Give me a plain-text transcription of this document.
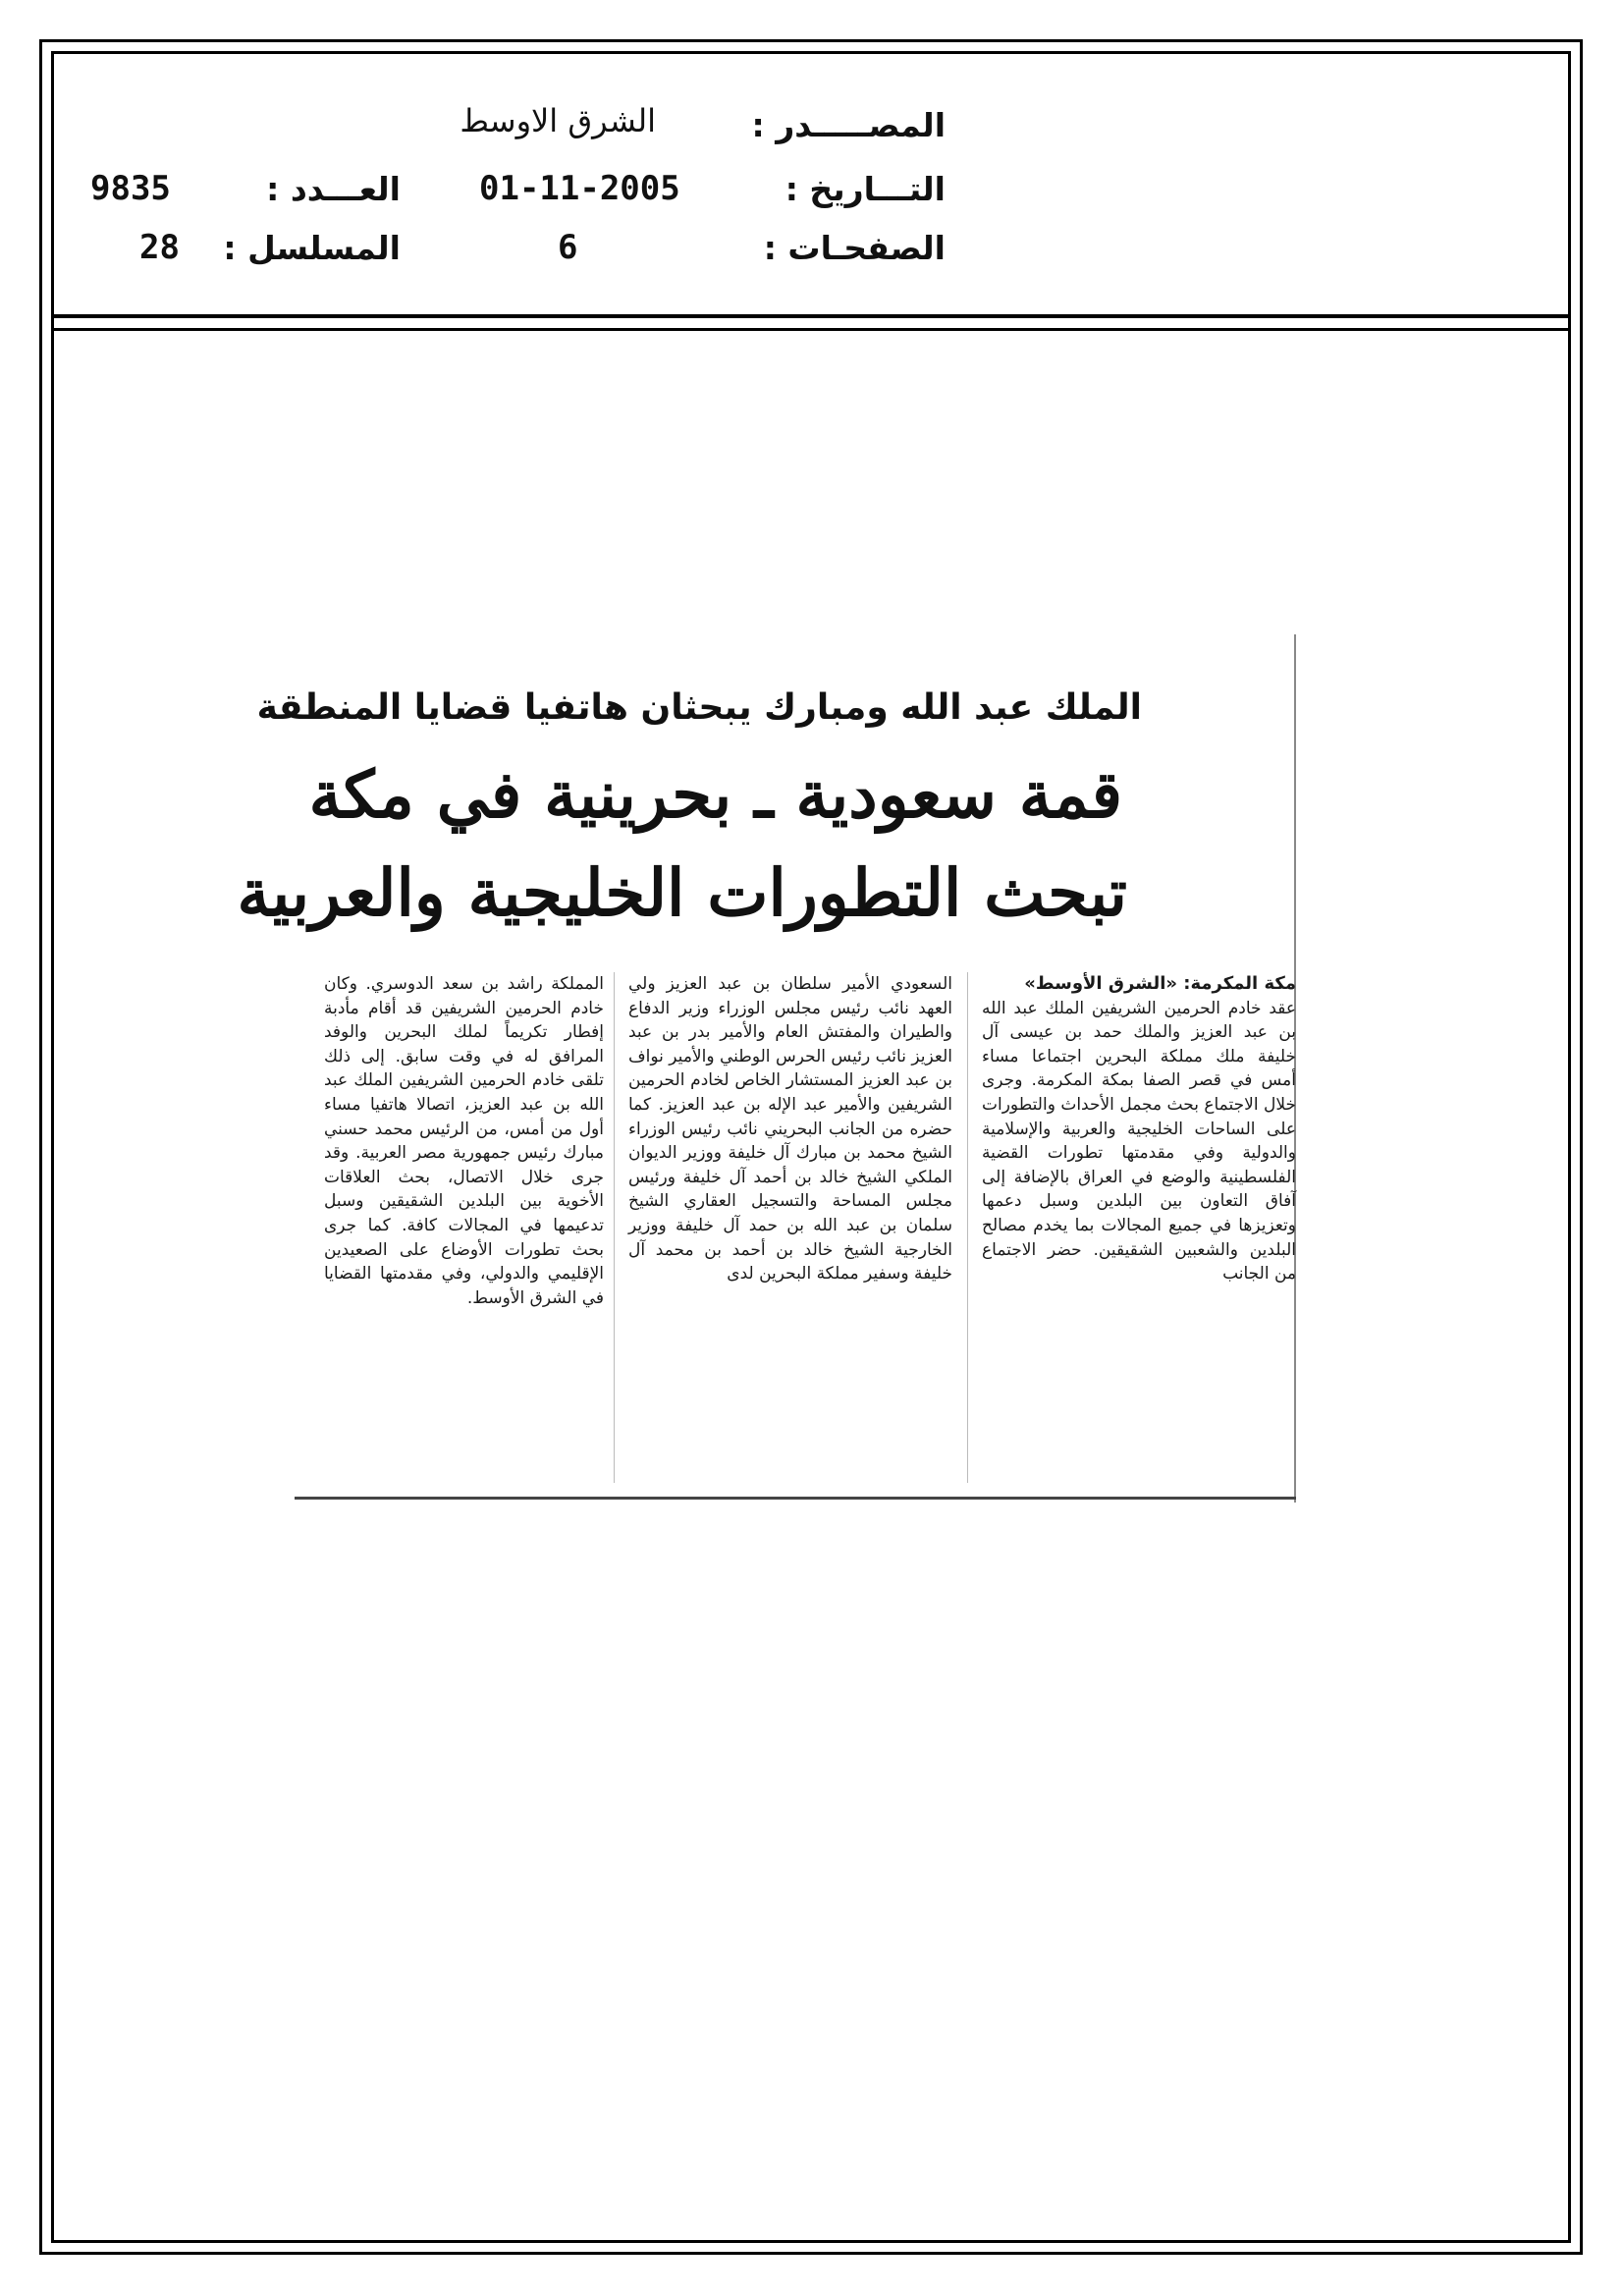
المصـــــدر :
الشرق الاوسط
التـــاريخ :
01-11-2005
العـــدد :
9835
الصفحـات :
6
المسلسل :
28
الملك عبد الله ومبارك يبحثان هاتفيا قضايا المنطقة
قمة سعودية ـ بحرينية في مكة
تبحث التطورات الخليجية والعربية

مكة المكرمة: «الشرق الأوسط»

عقد خادم الحرمين الشريفين الملك عبد الله بن عبد العزيز والملك حمد بن عيسى آل خليفة ملك مملكة البحرين اجتماعا مساء أمس في قصر الصفا بمكة المكرمة. وجرى خلال الاجتماع بحث مجمل الأحداث والتطورات على الساحات الخليجية والعربية والإسلامية والدولية وفي مقدمتها تطورات القضية الفلسطينية والوضع في العراق بالإضافة إلى آفاق التعاون بين البلدين وسبل دعمها وتعزيزها في جميع المجالات بما يخدم مصالح البلدين والشعبين الشقيقين. حضر الاجتماع من الجانب

السعودي الأمير سلطان بن عبد العزيز ولي العهد نائب رئيس مجلس الوزراء وزير الدفاع والطيران والمفتش العام والأمير بدر بن عبد العزيز نائب رئيس الحرس الوطني والأمير نواف بن عبد العزيز المستشار الخاص لخادم الحرمين الشريفين والأمير عبد الإله بن عبد العزيز. كما حضره من الجانب البحريني نائب رئيس الوزراء الشيخ محمد بن مبارك آل خليفة ووزير الديوان الملكي الشيخ خالد بن أحمد آل خليفة ورئيس مجلس المساحة والتسجيل العقاري الشيخ سلمان بن عبد الله بن حمد آل خليفة ووزير الخارجية الشيخ خالد بن أحمد بن محمد آل خليفة وسفير مملكة البحرين لدى

المملكة راشد بن سعد الدوسري. وكان خادم الحرمين الشريفين قد أقام مأدبة إفطار تكريماً لملك البحرين والوفد المرافق له في وقت سابق. إلى ذلك تلقى خادم الحرمين الشريفين الملك عبد الله بن عبد العزيز، اتصالا هاتفيا مساء أول من أمس، من الرئيس محمد حسني مبارك رئيس جمهورية مصر العربية. وقد جرى خلال الاتصال، بحث العلاقات الأخوية بين البلدين الشقيقين وسبل تدعيمها في المجالات كافة. كما جرى بحث تطورات الأوضاع على الصعيدين الإقليمي والدولي، وفي مقدمتها القضايا في الشرق الأوسط.
